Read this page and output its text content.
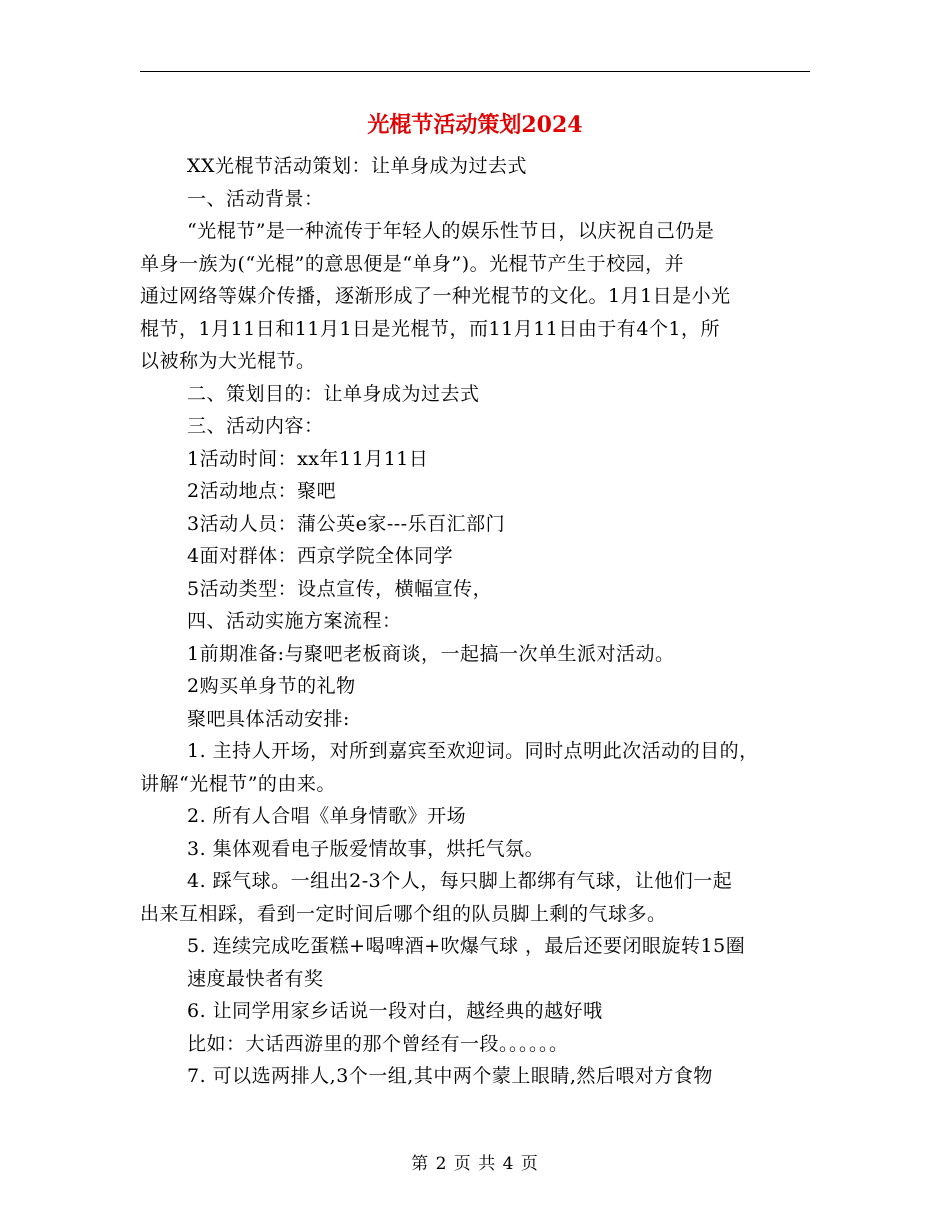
光棍节活动策划2024
XX光棍节活动策划：让单身成为过去式
一、活动背景：
“光棍节”是一种流传于年轻人的娱乐性节日，以庆祝自己仍是
单身一族为(“光棍”的意思便是“单身”)。光棍节产生于校园，并
通过网络等媒介传播，逐渐形成了一种光棍节的文化。1月1日是小光
棍节，1月11日和11月1日是光棍节，而11月11日由于有4个1，所
以被称为大光棍节。
二、策划目的：让单身成为过去式
三、活动内容：
1活动时间：xx年11月11日
2活动地点：聚吧
3活动人员：蒲公英e家---乐百汇部门
4面对群体：西京学院全体同学
5活动类型：设点宣传，横幅宣传，
四、活动实施方案流程：
1前期准备:与聚吧老板商谈，一起搞一次单生派对活动。
2购买单身节的礼物
聚吧具体活动安排:
1. 主持人开场，对所到嘉宾至欢迎词。同时点明此次活动的目的，
讲解“光棍节”的由来。
2. 所有人合唱《单身情歌》开场
3. 集体观看电子版爱情故事，烘托气氛。
4. 踩气球。一组出2-3个人，每只脚上都绑有气球，让他们一起
出来互相踩，看到一定时间后哪个组的队员脚上剩的气球多。
5. 连续完成吃蛋糕+喝啤酒+吹爆气球 ，最后还要闭眼旋转15圈
速度最快者有奖
6. 让同学用家乡话说一段对白，越经典的越好哦
比如：大话西游里的那个曾经有一段。。。。。。
7. 可以选两排人,3个一组,其中两个蒙上眼睛,然后喂对方食物
第 2 页 共 4 页
